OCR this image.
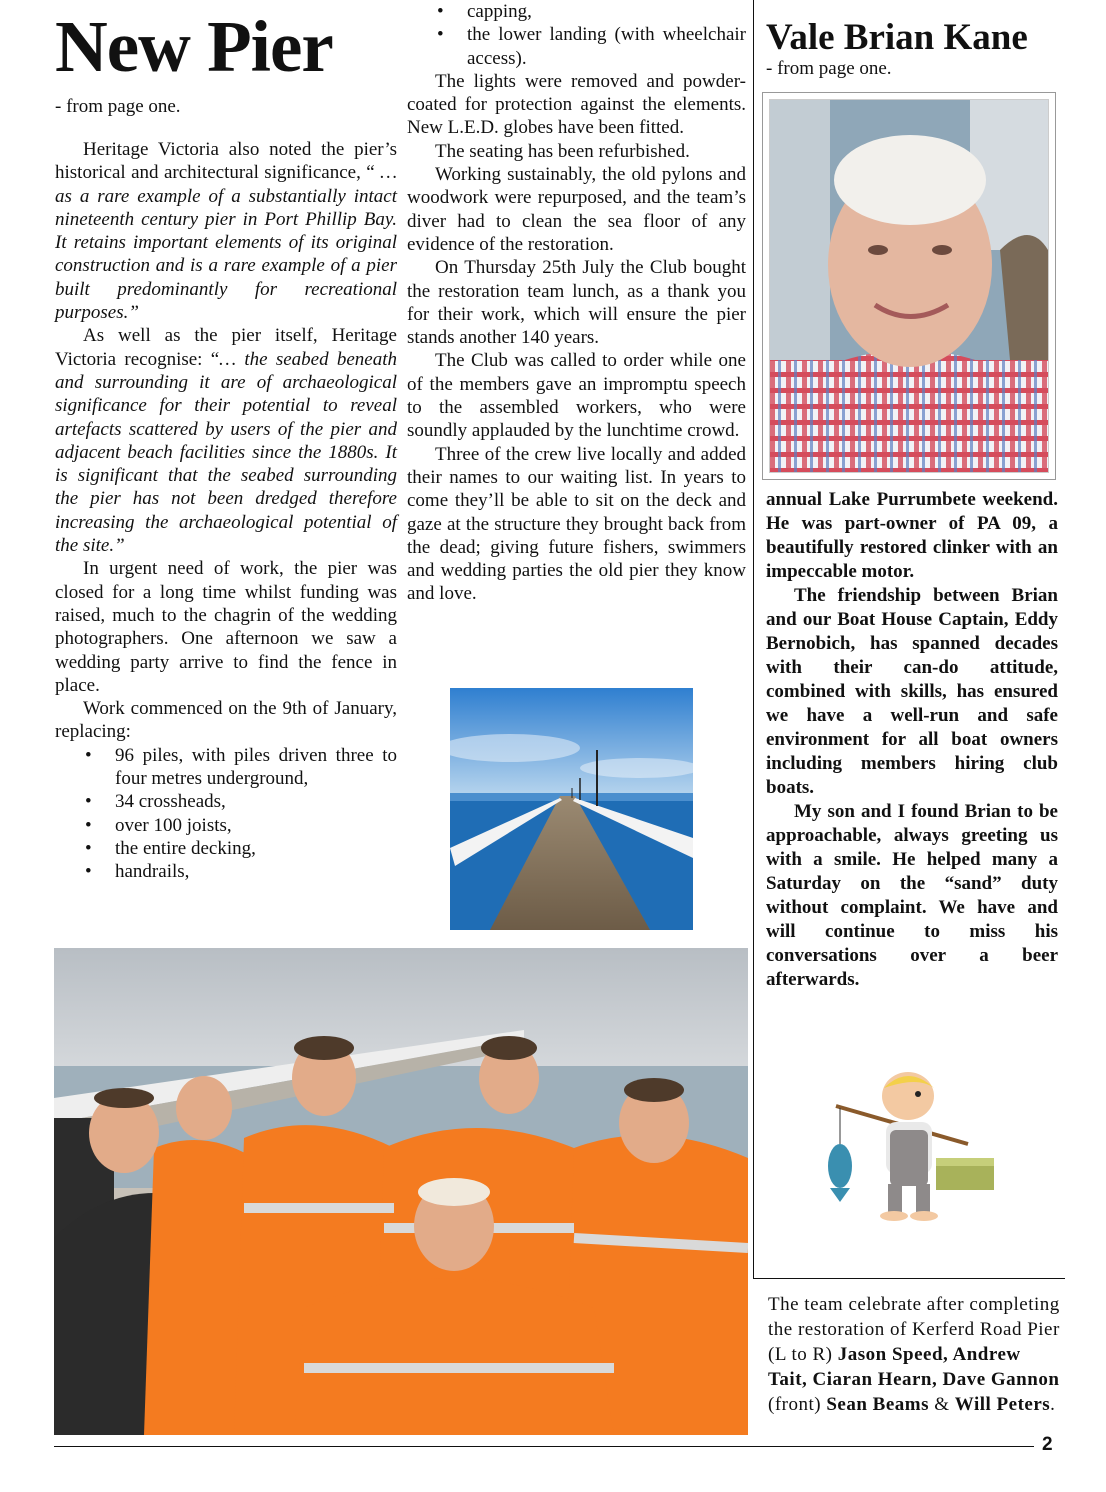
New Pier
- from page one.

Heritage Victoria also noted the pier’s historical and architectural significance, “ … as a rare example of a substantially intact nineteenth century pier in Port Phillip Bay. It retains important elements of its original construction and is a rare example of a pier built predominantly for recreational purposes.”

As well as the pier itself, Heritage Victoria recognise: “… the seabed beneath and surrounding it are of archaeological significance for their potential to reveal artefacts scattered by users of the pier and adjacent beach facilities since the 1880s. It is significant that the seabed surrounding the pier has not been dredged therefore increasing the archaeological potential of the site.”

In urgent need of work, the pier was closed for a long time whilst funding was raised, much to the chagrin of the wedding photographers. One afternoon we saw a wedding party arrive to find the fence in place.

Work commenced on the 9th of January, replacing:

• 96 piles, with piles driven three to four metres underground,
• 34 crossheads,
• over 100 joists,
• the entire decking,
• handrails,
• capping,
• the lower landing (with wheelchair access).

The lights were removed and powder-coated for protection against the elements. New L.E.D. globes have been fitted.

The seating has been refurbished.

Working sustainably, the old pylons and woodwork were repurposed, and the team’s diver had to clean the sea floor of any evidence of the restoration.

On Thursday 25th July the Club bought the restoration team lunch, as a thank you for their work, which will ensure the pier stands another 140 years.

The Club was called to order while one of the members gave an impromptu speech to the assembled workers, who were soundly applauded by the lunchtime crowd.

Three of the crew live locally and added their names to our waiting list. In years to come they’ll be able to sit on the deck and gaze at the structure they brought back from the dead; giving future fishers, swimmers and wedding parties the old pier they know and love.

Vale Brian Kane
- from page one.

annual Lake Purrumbete weekend. He was part-owner of PA 09, a beautifully restored clinker with an impeccable motor.

The friendship between Brian and our Boat House Captain, Eddy Bernobich, has spanned decades with their can-do attitude, combined with skills, has ensured we have a well-run and safe environment for all boat owners including members hiring club boats.

My son and I found Brian to be approachable, always greeting us with a smile. He helped many a Saturday on the “sand” duty without complaint. We have and will continue to miss his conversations over a beer afterwards.

The team celebrate after completing the restoration of Kerferd Road Pier (L to R) Jason Speed, Andrew Tait, Ciaran Hearn, Dave Gannon (front) Sean Beams & Will Peters.
2
